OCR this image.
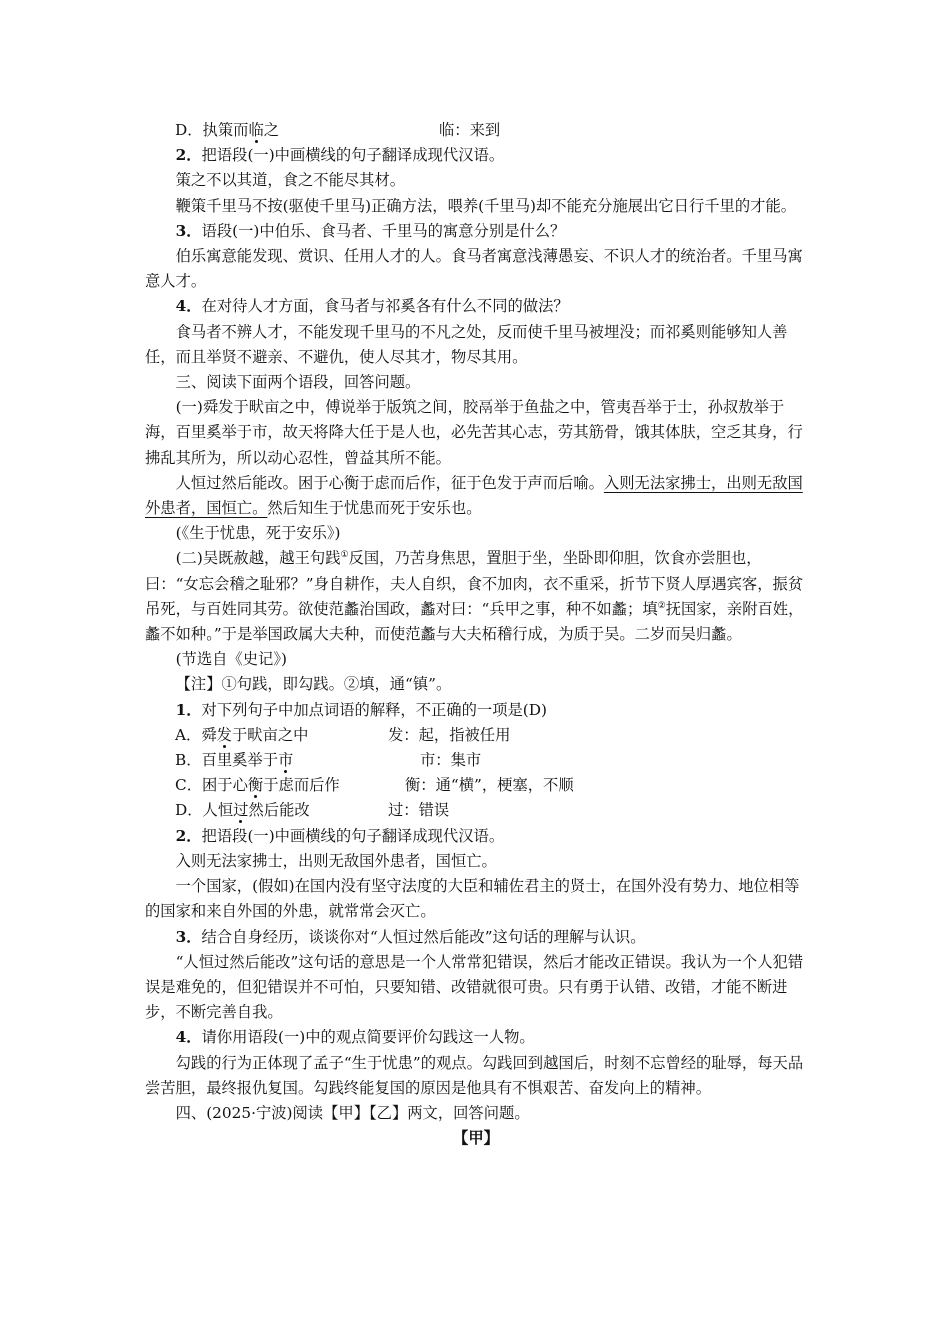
D．执策而临之	临：来到

2．把语段(一)中画横线的句子翻译成现代汉语。

策之不以其道，食之不能尽其材。

鞭策千里马不按(驱使千里马)正确方法，喂养(千里马)却不能充分施展出它日行千里的才能。

3．语段(一)中伯乐、食马者、千里马的寓意分别是什么？

伯乐寓意能发现、赏识、任用人才的人。食马者寓意浅薄愚妄、不识人才的统治者。千里马寓意人才。

4．在对待人才方面，食马者与祁奚各有什么不同的做法？

食马者不辨人才，不能发现千里马的不凡之处，反而使千里马被埋没；而祁奚则能够知人善任，而且举贤不避亲、不避仇，使人尽其才，物尽其用。

三、阅读下面两个语段，回答问题。

(一)舜发于畎亩之中，傅说举于版筑之间，胶鬲举于鱼盐之中，管夷吾举于士，孙叔敖举于海，百里奚举于市，故天将降大任于是人也，必先苦其心志，劳其筋骨，饿其体肤，空乏其身，行拂乱其所为，所以动心忍性，曾益其所不能。

人恒过然后能改。困于心衡于虑而后作，征于色发于声而后喻。入则无法家拂士，出则无敌国外患者，国恒亡。然后知生于忧患而死于安乐也。

(《生于忧患，死于安乐》)

(二)吴既赦越，越王句践①反国，乃苦身焦思，置胆于坐，坐卧即仰胆，饮食亦尝胆也，曰：“女忘会稽之耻邪？”身自耕作，夫人自织，食不加肉，衣不重采，折节下贤人厚遇宾客，振贫吊死，与百姓同其劳。欲使范蠡治国政，蠡对曰：“兵甲之事，种不如蠡；填②抚国家，亲附百姓，蠡不如种。”于是举国政属大夫种，而使范蠡与大夫柘稽行成，为质于吴。二岁而吴归蠡。

(节选自《史记》)

【注】①句践，即勾践。②填，通“镇”。

1．对下列句子中加点词语的解释，不正确的一项是(D)

A．舜发于畎亩之中	发：起，指被任用

B．百里奚举于市	市：集市

C．困于心衡于虑而后作	衡：通“横”，梗塞，不顺

D．人恒过然后能改	过：错误

2．把语段(一)中画横线的句子翻译成现代汉语。

入则无法家拂士，出则无敌国外患者，国恒亡。

一个国家，(假如)在国内没有坚守法度的大臣和辅佐君主的贤士，在国外没有势力、地位相等的国家和来自外国的外患，就常常会灭亡。

3．结合自身经历，谈谈你对“人恒过然后能改”这句话的理解与认识。

“人恒过然后能改”这句话的意思是一个人常常犯错误，然后才能改正错误。我认为一个人犯错误是难免的，但犯错误并不可怕，只要知错、改错就很可贵。只有勇于认错、改错，才能不断进步，不断完善自我。

4．请你用语段(一)中的观点简要评价勾践这一人物。

勾践的行为正体现了孟子“生于忧患”的观点。勾践回到越国后，时刻不忘曾经的耻辱，每天品尝苦胆，最终报仇复国。勾践终能复国的原因是他具有不惧艰苦、奋发向上的精神。

四、(2025·宁波)阅读【甲】【乙】两文，回答问题。

【甲】
